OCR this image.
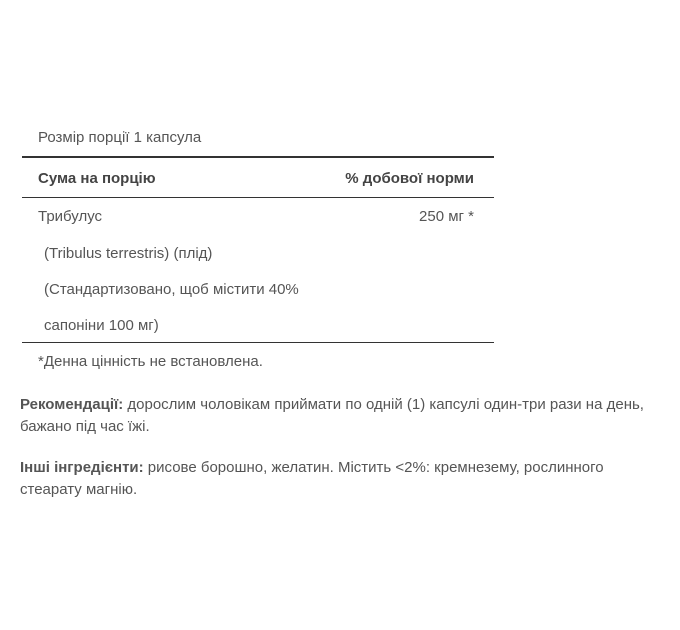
Розмір порції 1 капсула
Сума на порцію	% добової норми
Трибулус	250 мг *
(Tribulus terrestris) (плід)
(Стандартизовано, щоб містити 40%
сапоніни 100 мг)
*Денна цінність не встановлена.
Рекомендації: дорослим чоловікам приймати по одній (1) капсулі один-три рази на день, бажано під час їжі.
Інші інгредієнти: рисове борошно, желатин. Містить <2%: кремнезему, рослинного стеарату магнію.
